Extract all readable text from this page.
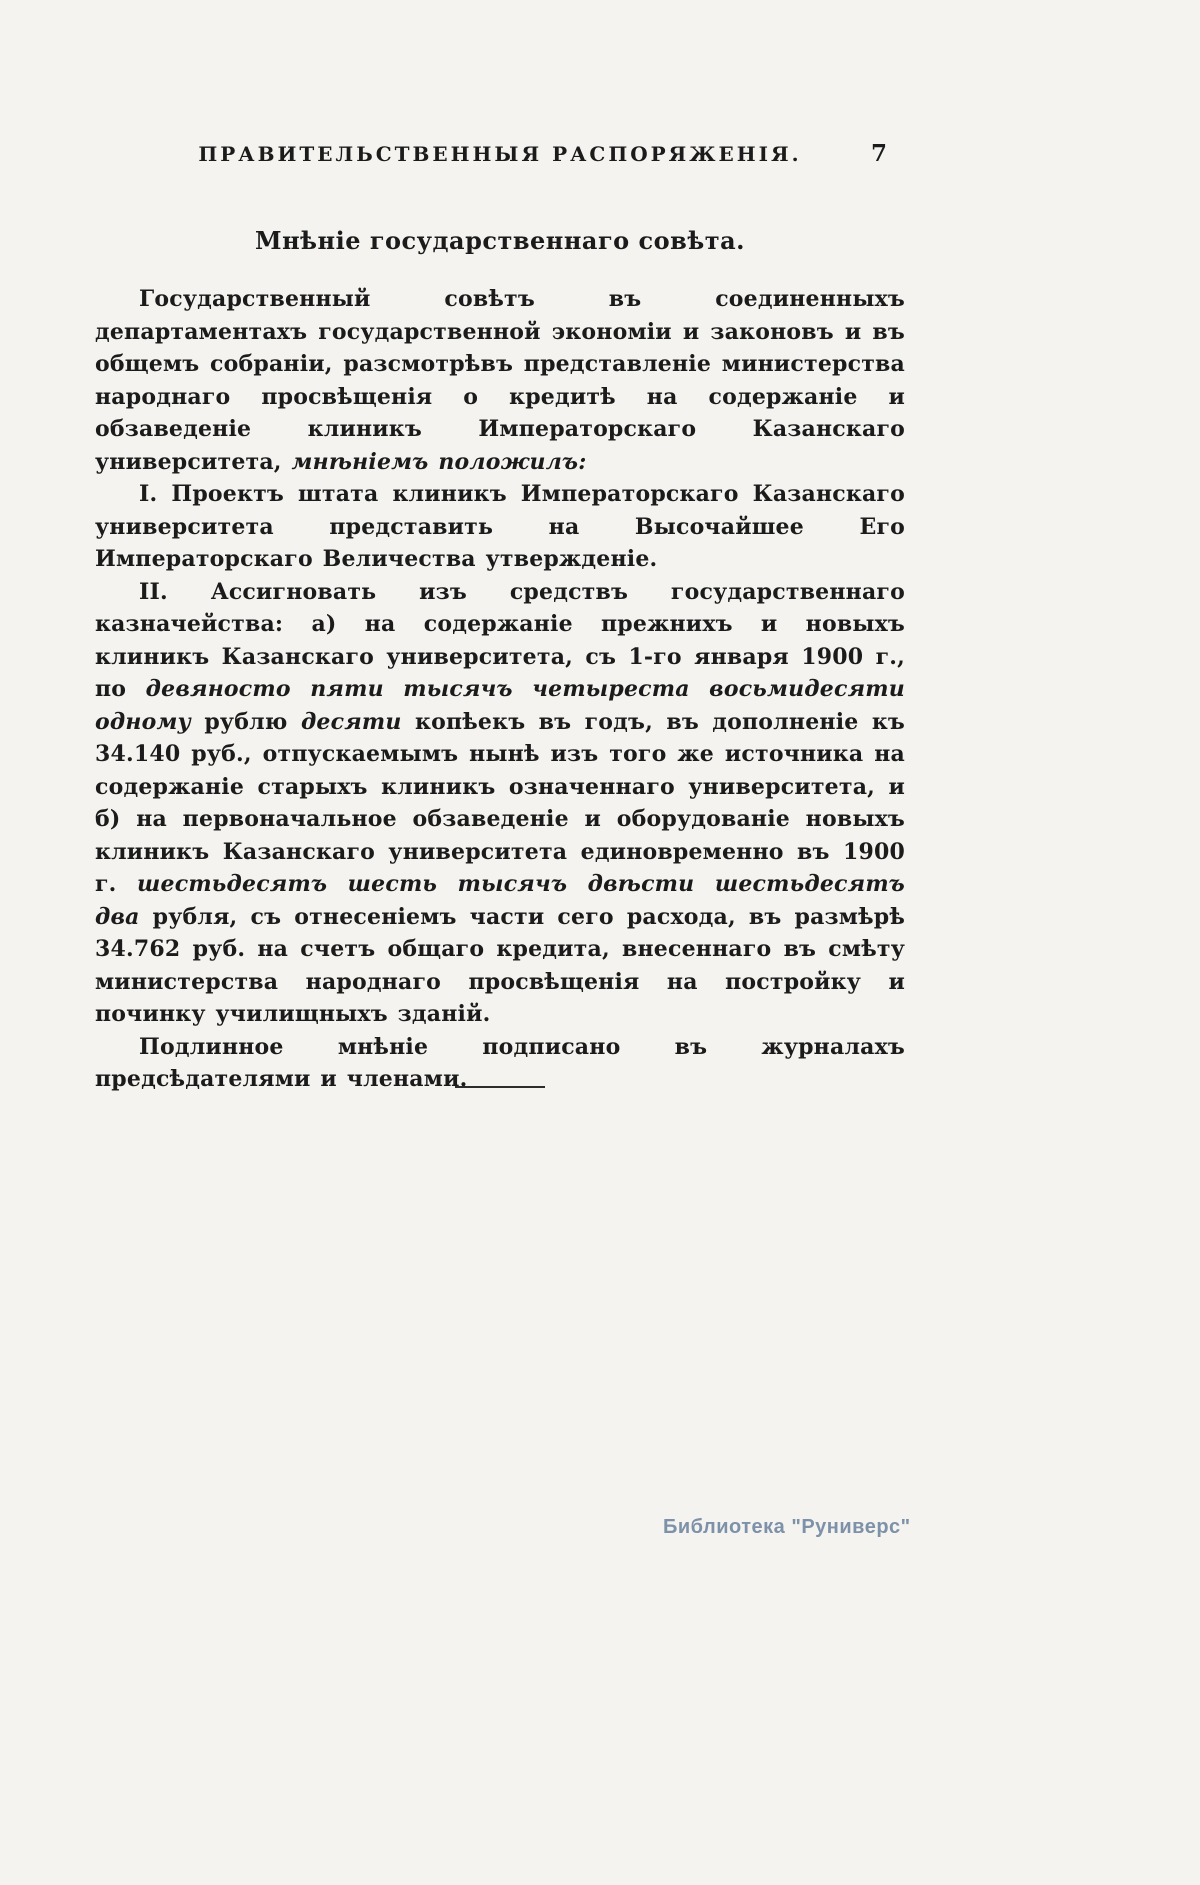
ПРАВИТЕЛЬСТВЕННЫЯ РАСПОРЯЖЕНІЯ.	7
Мнѣніе государственнаго совѣта.

Государственный совѣтъ въ соединенныхъ департаментахъ государственной экономіи и законовъ и въ общемъ собраніи, разсмотрѣвъ представленіе министерства народнаго просвѣщенія о кредитѣ на содержаніе и обзаведеніе клиникъ Императорскаго Казанскаго университета, мнѣніемъ положилъ:

I. Проектъ штата клиникъ Императорскаго Казанскаго университета представить на Высочайшее Его Императорскаго Величества утвержденіе.

II. Ассигновать изъ средствъ государственнаго казначейства: а) на содержаніе прежнихъ и новыхъ клиникъ Казанскаго университета, съ 1-го января 1900 г., по девяносто пяти тысячъ четыреста восьмидесяти одному рублю десяти копѣекъ въ годъ, въ дополненіе къ 34.140 руб., отпускаемымъ нынѣ изъ того же источника на содержаніе старыхъ клиникъ означеннаго университета, и б) на первоначальное обзаведеніе и оборудованіе новыхъ клиникъ Казанскаго университета единовременно въ 1900 г. шестьдесятъ шесть тысячъ двѣсти шестьдесятъ два рубля, съ отнесеніемъ части сего расхода, въ размѣрѣ 34.762 руб. на счетъ общаго кредита, внесеннаго въ смѣту министерства народнаго просвѣщенія на постройку и починку училищныхъ зданій.

Подлинное мнѣніе подписано въ журналахъ предсѣдателями и членами.

Библиотека "Руниверс"
